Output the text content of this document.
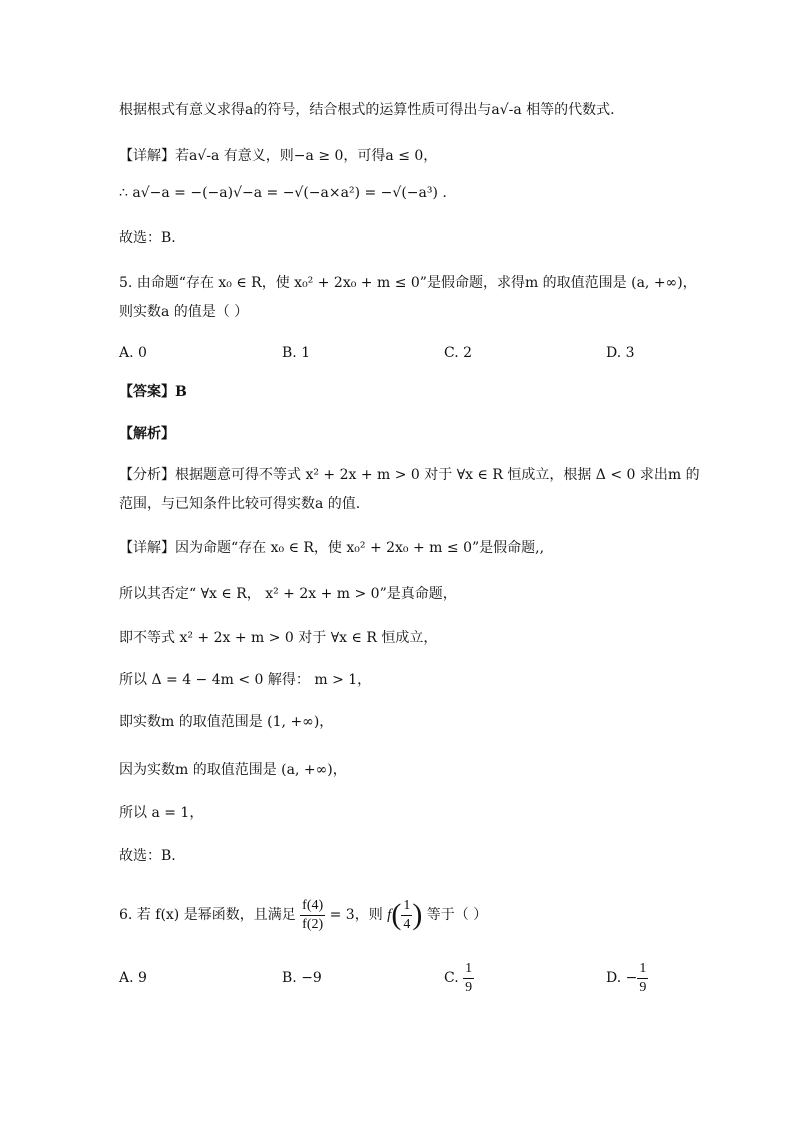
根据根式有意义求得a的符号，结合根式的运算性质可得出与a√-a 相等的代数式.
【详解】若a√-a 有意义，则−a ≥ 0，可得a ≤ 0，
∴ a√−a = −(−a)√−a = −√(−a×a²) = −√(−a³) .
故选：B.
5. 由命题“存在 x₀ ∈ R，使 x₀² + 2x₀ + m ≤ 0”是假命题，求得m 的取值范围是 (a, +∞)，
则实数a 的值是（ ）
A. 0	B. 1	C. 2	D. 3
【答案】B
【解析】
【分析】根据题意可得不等式 x² + 2x + m > 0 对于 ∀x ∈ R 恒成立，根据 Δ < 0 求出m 的
范围，与已知条件比较可得实数a 的值.
【详解】因为命题“存在 x₀ ∈ R，使 x₀² + 2x₀ + m ≤ 0”是假命题,,
所以其否定“ ∀x ∈ R， x² + 2x + m > 0”是真命题，
即不等式 x² + 2x + m > 0 对于 ∀x ∈ R 恒成立，
所以 Δ = 4 − 4m < 0 解得： m > 1，
即实数m 的取值范围是 (1, +∞)，
因为实数m 的取值范围是 (a, +∞)，
所以 a = 1，
故选：B.
6. 若 f(x) 是幂函数，且满足 $\frac{f(4)}{f(2)} = 3$，则 $f( \frac{1}{4}$ ) 等于（ ）
A. 9	B. −9	C. $\frac{1}{9}$	D. − $\frac{1}{9}$
